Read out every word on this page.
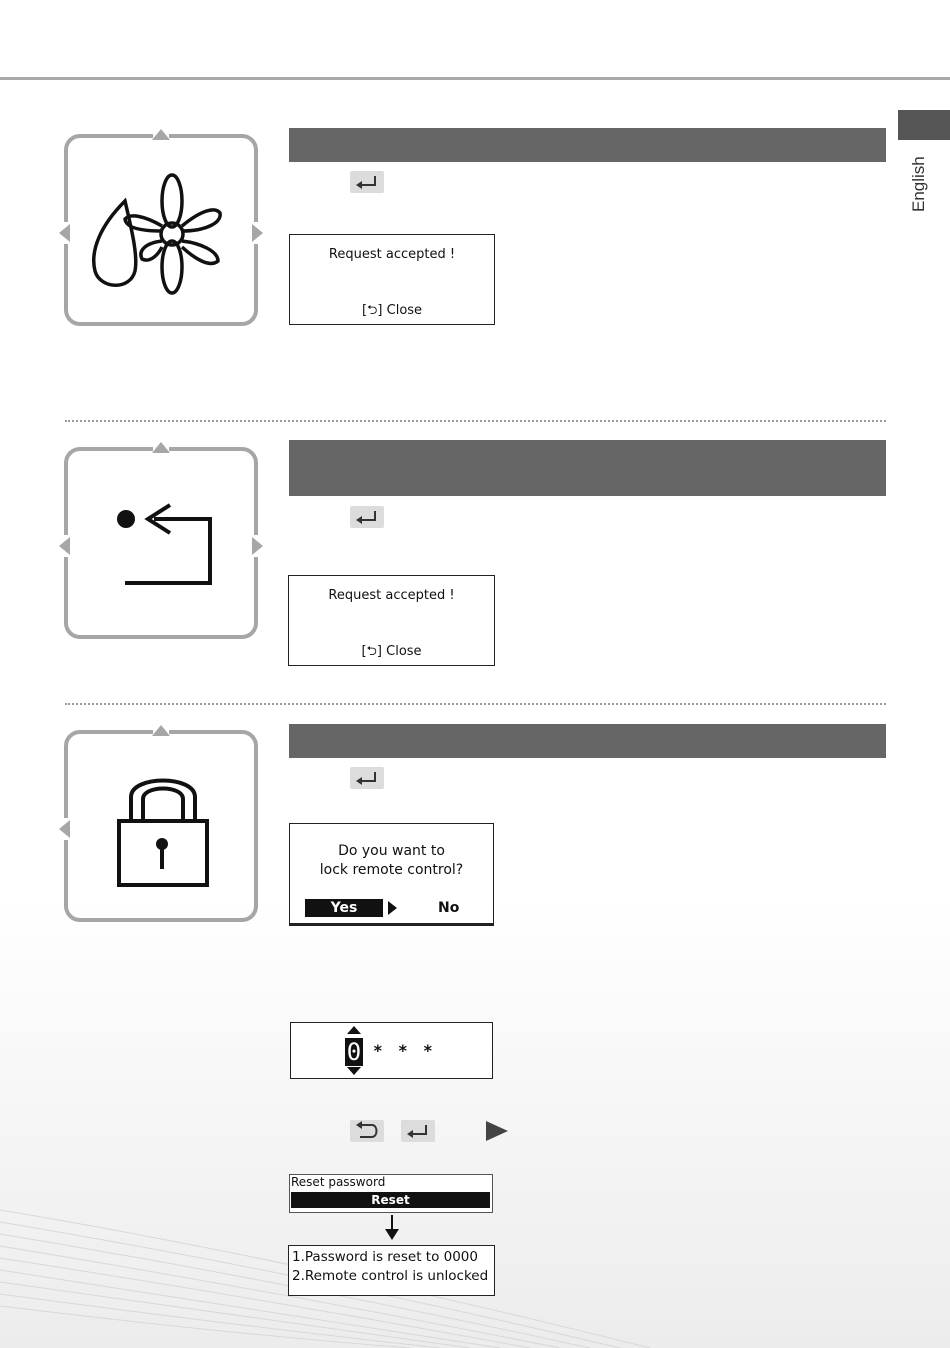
English
Request accepted !
[⮌] Close
Request accepted !
[⮌] Close
Do you want to
lock remote control?
Yes	No
0 * * *
Reset password
Reset
1.Password is reset to 0000
2.Remote control is unlocked
